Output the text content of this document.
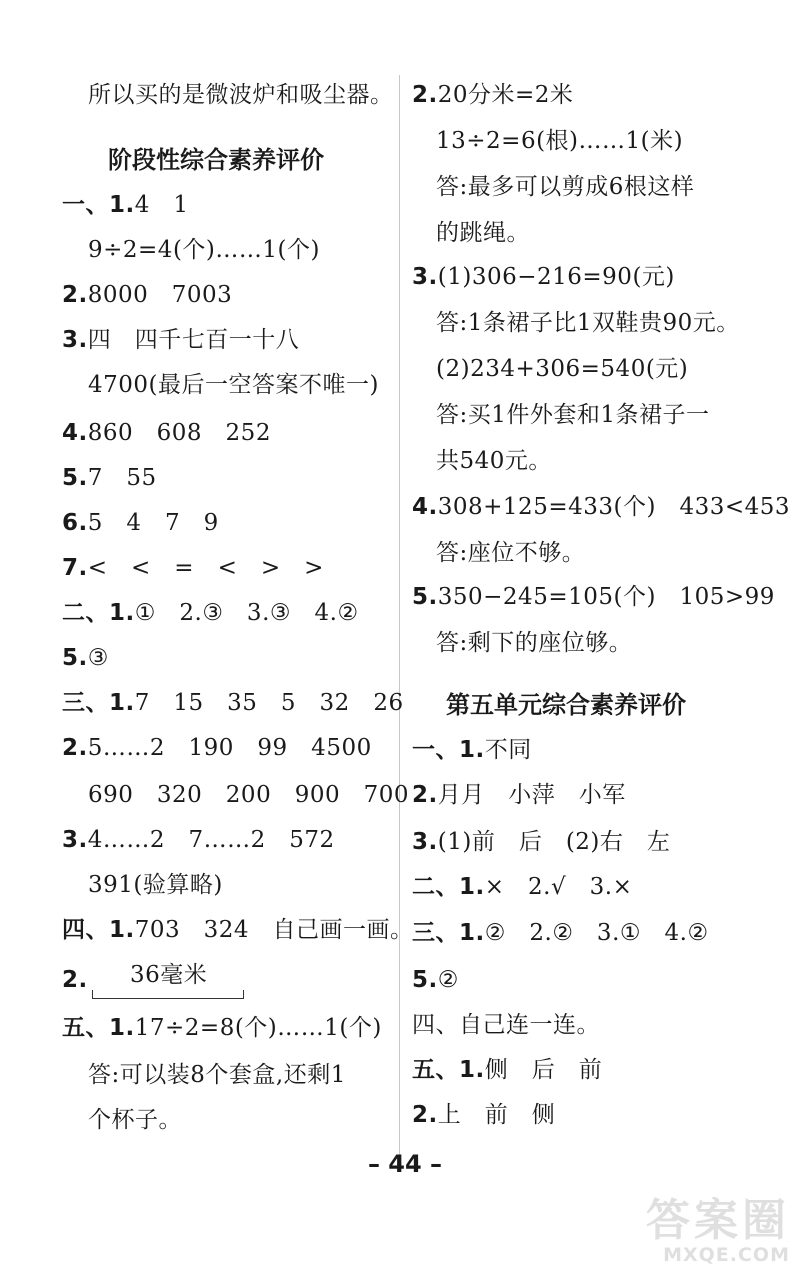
所以买的是微波炉和吸尘器。
阶段性综合素养评价
一、1.4　1
9÷2=4(个)……1(个)
2.8000　7003
3.四　四千七百一十八
4700(最后一空答案不唯一)
4.860　608　252
5.7　55
6.5　4　7　9
7.<　<　=　<　>　>
二、1.①　2.③　3.③　4.②
5.③
三、1.7　15　35　5　32　26
2.5……2　190　99　4500
690　320　200　900　700
3.4……2　7……2　572
391(验算略)
四、1.703　324　自己画一画。
2. 36毫米
五、1.17÷2=8(个)……1(个)
答:可以装8个套盒,还剩1
个杯子。
2.20分米=2米
13÷2=6(根)……1(米)
答:最多可以剪成6根这样
的跳绳。
3.(1)306−216=90(元)
答:1条裙子比1双鞋贵90元。
(2)234+306=540(元)
答:买1件外套和1条裙子一
共540元。
4.308+125=433(个)　433<453
答:座位不够。
5.350−245=105(个)　105>99
答:剩下的座位够。
第五单元综合素养评价
一、1.不同
2.月月　小萍　小军
3.(1)前　后　(2)右　左
二、1.×　2.√　3.×
三、1.②　2.②　3.①　4.②
5.②
四、自己连一连。
五、1.侧　后　前
2.上　前　侧
– 44 –
答案圈
MXQE.COM
